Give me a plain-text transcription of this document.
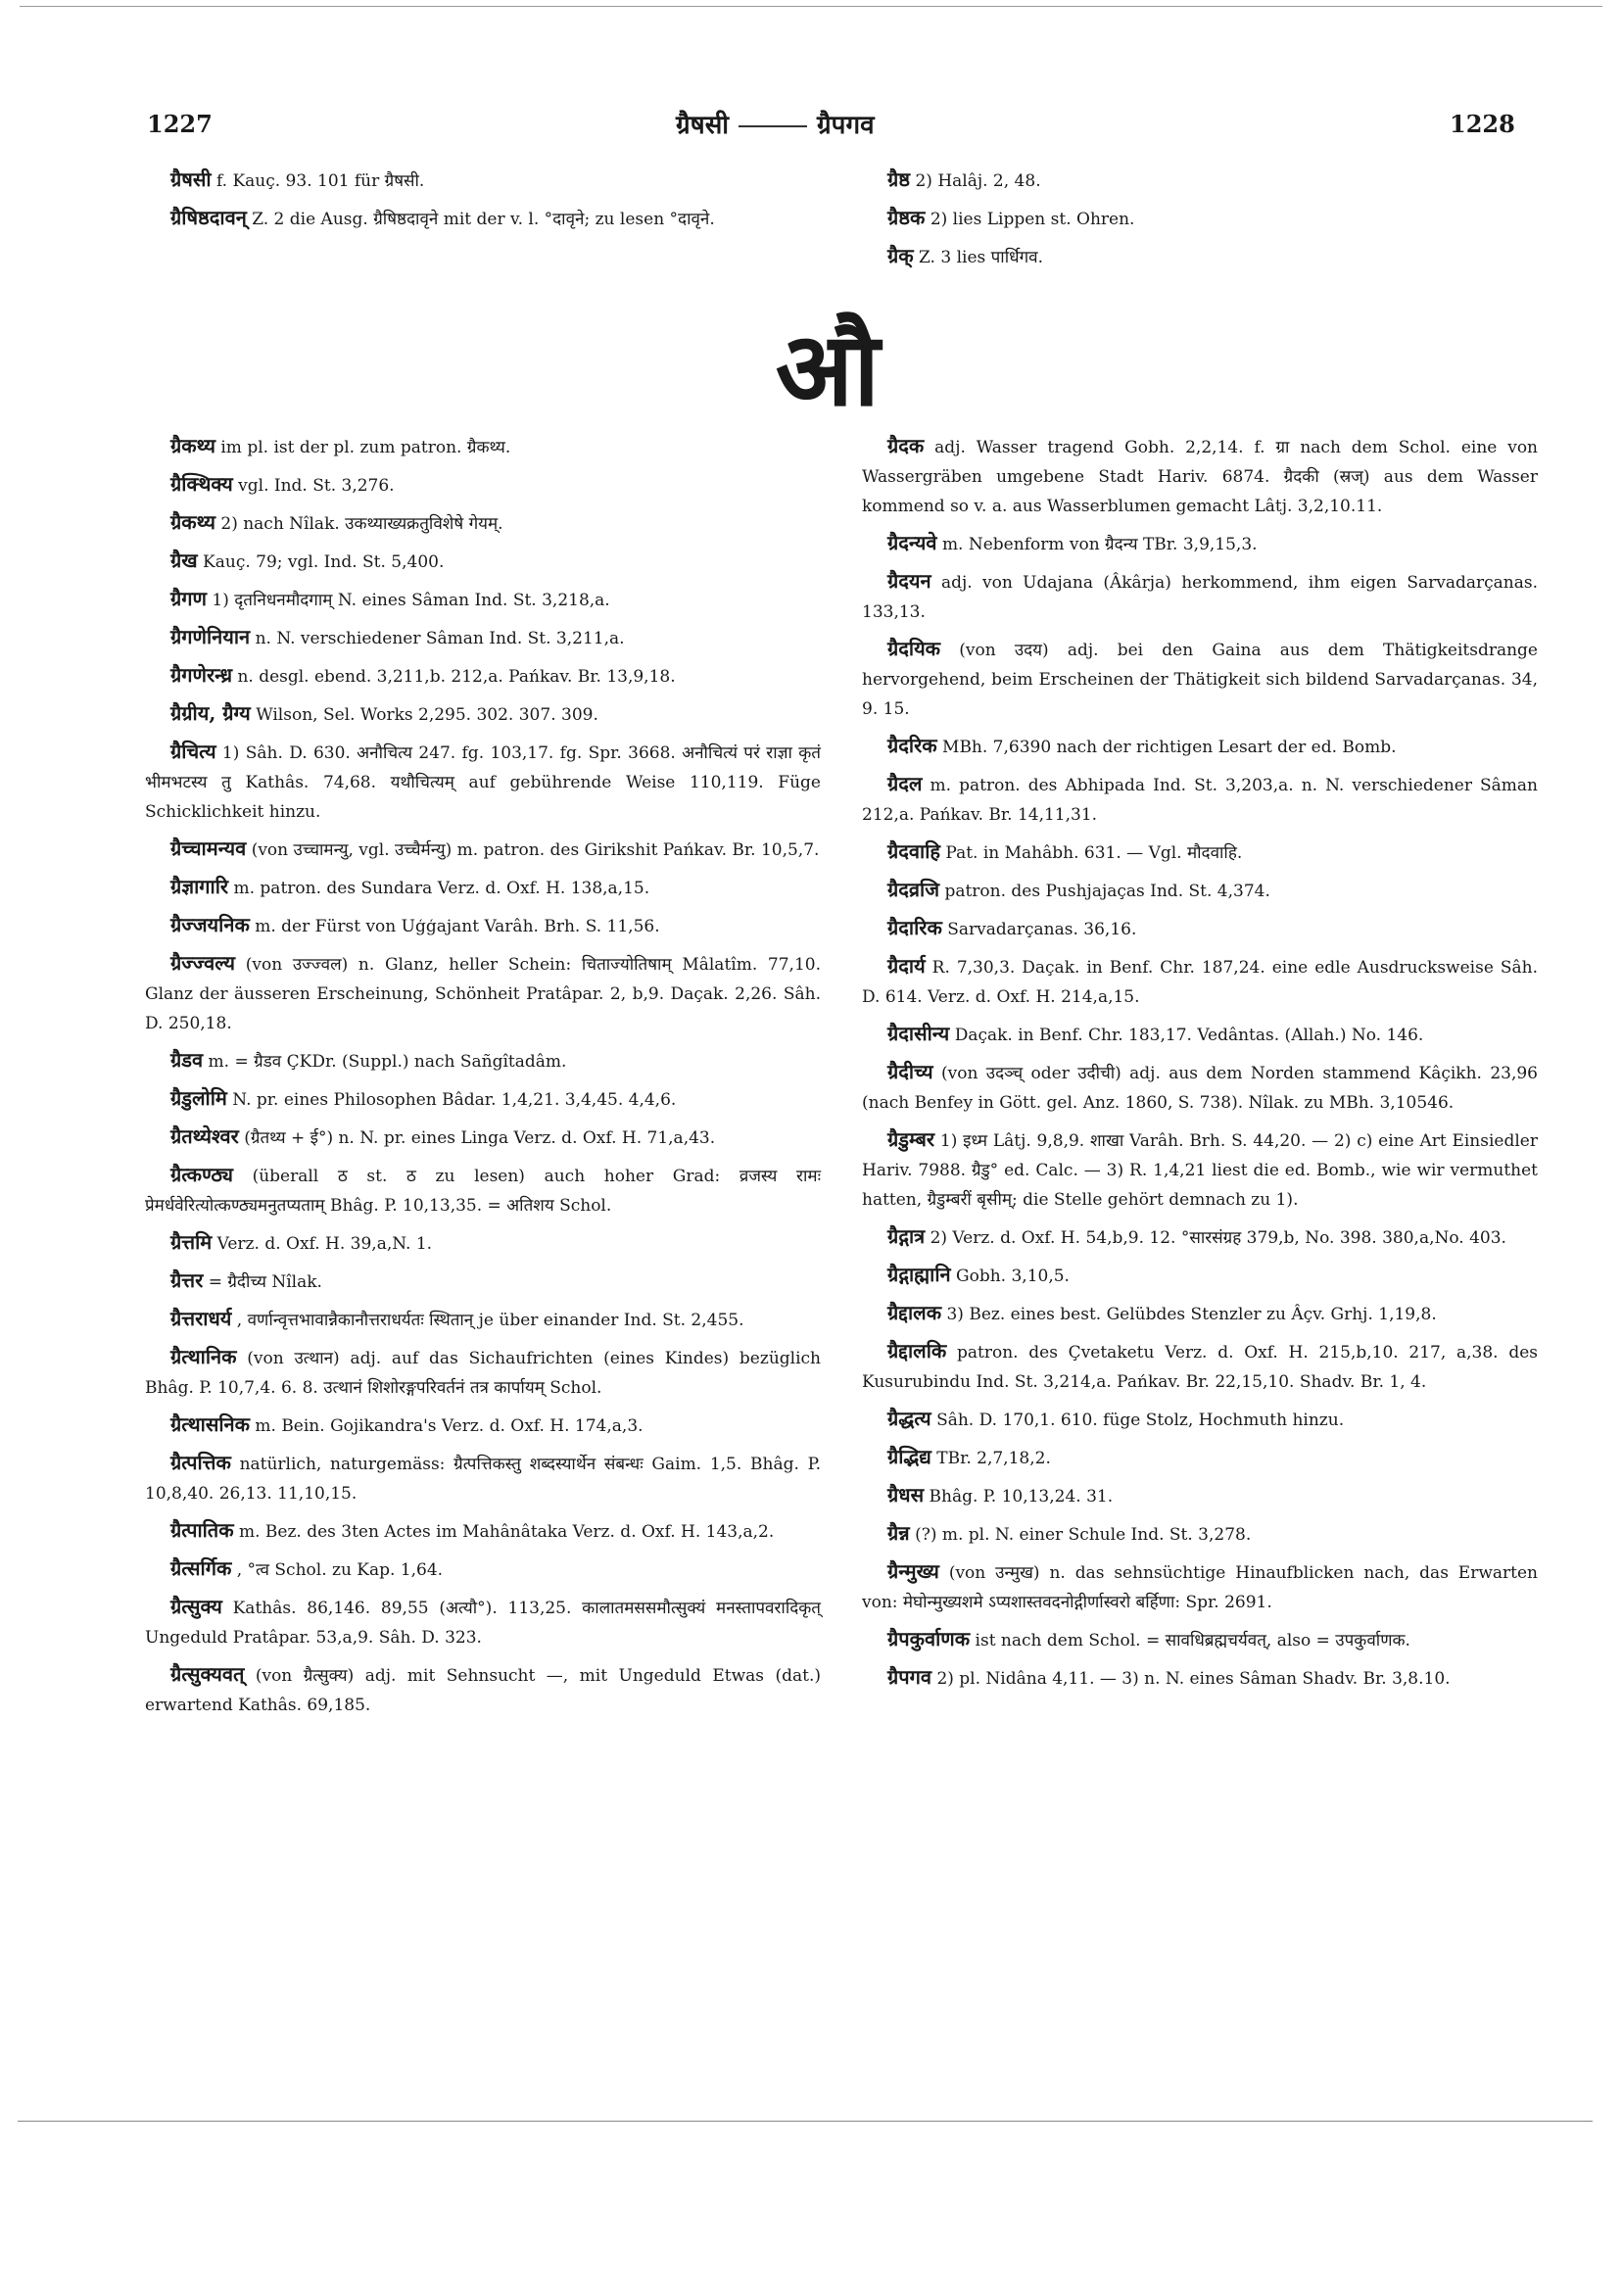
1227	ग्रैषसी	ग्रैपगव	1228

ग्रैषसी f. Kauç. 93. 101 für ग्रैषसी.

ग्रैषिष्ठदावन् Z. 2 die Ausg. ग्रैषिष्ठदावृने mit der v. l. °दावृने; zu lesen °दावृने.

ग्रैष्ठ 2) Halâj. 2, 48.

ग्रैष्ठक 2) lies Lippen st. Ohren.

ग्रैक् Z. 3 lies पार्धिगव.

औ

ग्रैकथ्य im pl. ist der pl. zum patron. ग्रैकथ्य.

ग्रैक्थिक्य vgl. Ind. St. 3,276.

ग्रैकथ्य 2) nach Nîlak. उकथ्याख्यक्रतुविशेषे गेयम्.

ग्रैख Kauç. 79; vgl. Ind. St. 5,400.

ग्रैगण 1) दृतनिधनमौदगाम् N. eines Sâman Ind. St. 3,218,a.

ग्रैगणेनियान n. N. verschiedener Sâman Ind. St. 3,211,a.

ग्रैगणेरन्ध्र n. desgl. ebend. 3,211,b. 212,a. Pańkav. Br. 13,9,18.

ग्रैग्रीय, ग्रैग्य Wilson, Sel. Works 2,295. 302. 307. 309.

ग्रैचित्य 1) Sâh. D. 630. अनौचित्य 247. fg. 103,17. fg. Spr. 3668. अनौचित्यं परं राज्ञा कृतं भीमभटस्य तु Kathâs. 74,68. यथौचित्यम् auf gebührende Weise 110,119. Füge Schicklichkeit hinzu.

ग्रैच्चामन्यव (von उच्चामन्यु, vgl. उच्चैर्मन्यु) m. patron. des Girikshit Pańkav. Br. 10,5,7.

ग्रैज्ञागारि m. patron. des Sundara Verz. d. Oxf. H. 138,a,15.

ग्रैज्जयनिक m. der Fürst von Uģģajant Varâh. Brh. S. 11,56.

ग्रैज्ज्वल्य (von उज्ज्वल) n. Glanz, heller Schein: चिताज्योतिषाम् Mâlatîm. 77,10. Glanz der äusseren Erscheinung, Schönheit Pratâpar. 2, b,9. Daçak. 2,26. Sâh. D. 250,18.

ग्रैडव m. = ग्रैडव ÇKDr. (Suppl.) nach Sañgîtadâm.

ग्रैडुलोमि N. pr. eines Philosophen Bâdar. 1,4,21. 3,4,45. 4,4,6.

ग्रैतथ्येश्वर (ग्रैतथ्य + ई°) n. N. pr. eines Linga Verz. d. Oxf. H. 71,a,43.

ग्रैत्कण्ठ्य (überall ठ st. ठ zu lesen) auch hoher Grad: व्रजस्य रामः प्रेमर्धवेरित्योत्कण्ठ्यमनुतप्यताम् Bhâg. P. 10,13,35. = अतिशय Schol.

ग्रैत्तमि Verz. d. Oxf. H. 39,a,N. 1.

ग्रैत्तर = ग्रैदीच्य Nîlak.

ग्रैत्तराधर्य , वर्णान्वृत्तभावान्नैकानौत्तराधर्यतः स्थितान् je über einander Ind. St. 2,455.

ग्रैत्थानिक (von उत्थान) adj. auf das Sichaufrichten (eines Kindes) bezüglich Bhâg. P. 10,7,4. 6. 8. उत्थानं शिशोरङ्गपरिवर्तनं तत्र कार्पायम् Schol.

ग्रैत्थासनिक m. Bein. Gojikandra's Verz. d. Oxf. H. 174,a,3.

ग्रैत्पत्तिक natürlich, naturgemäss: ग्रैत्पत्तिकस्तु शब्दस्यार्थेन संबन्धः Gaim. 1,5. Bhâg. P. 10,8,40. 26,13. 11,10,15.

ग्रैत्पातिक m. Bez. des 3ten Actes im Mahânâtaka Verz. d. Oxf. H. 143,a,2.

ग्रैत्सर्गिक , °त्व Schol. zu Kap. 1,64.

ग्रैत्सुक्य Kathâs. 86,146. 89,55 (अत्यौ°). 113,25. कालातमससमौत्सुक्यं मनस्तापवरादिकृत् Ungeduld Pratâpar. 53,a,9. Sâh. D. 323.

ग्रैत्सुक्यवत् (von ग्रैत्सुक्य) adj. mit Sehnsucht —, mit Ungeduld Etwas (dat.) erwartend Kathâs. 69,185.

ग्रैदक adj. Wasser tragend Gobh. 2,2,14. f. ग्रा nach dem Schol. eine von Wassergräben umgebene Stadt Hariv. 6874. ग्रैदकी (स्रज्) aus dem Wasser kommend so v. a. aus Wasserblumen gemacht Lâtj. 3,2,10.11.

ग्रैदन्यवे m. Nebenform von ग्रैदन्य TBr. 3,9,15,3.

ग्रैदयन adj. von Udajana (Âkârja) herkommend, ihm eigen Sarvadarçanas. 133,13.

ग्रैदयिक (von उदय) adj. bei den Gaina aus dem Thätigkeitsdrange hervorgehend, beim Erscheinen der Thätigkeit sich bildend Sarvadarçanas. 34, 9. 15.

ग्रैदरिक MBh. 7,6390 nach der richtigen Lesart der ed. Bomb.

ग्रैदल m. patron. des Abhipada Ind. St. 3,203,a. n. N. verschiedener Sâman 212,a. Pańkav. Br. 14,11,31.

ग्रैदवाहि Pat. in Mahâbh. 631. — Vgl. मौदवाहि.

ग्रैदव्रजि patron. des Pushjajaças Ind. St. 4,374.

ग्रैदारिक Sarvadarçanas. 36,16.

ग्रैदार्य R. 7,30,3. Daçak. in Benf. Chr. 187,24. eine edle Ausdrucksweise Sâh. D. 614. Verz. d. Oxf. H. 214,a,15.

ग्रैदासीन्य Daçak. in Benf. Chr. 183,17. Vedântas. (Allah.) No. 146.

ग्रैदीच्य (von उदञ्च् oder उदीची) adj. aus dem Norden stammend Kâçikh. 23,96 (nach Benfey in Gött. gel. Anz. 1860, S. 738). Nîlak. zu MBh. 3,10546.

ग्रैडुम्बर 1) इध्म Lâtj. 9,8,9. शाखा Varâh. Brh. S. 44,20. — 2) c) eine Art Einsiedler Hariv. 7988. ग्रैडु° ed. Calc. — 3) R. 1,4,21 liest die ed. Bomb., wie wir vermuthet hatten, ग्रैडुम्बरीं बृसीम्; die Stelle gehört demnach zu 1).

ग्रैद्गात्र 2) Verz. d. Oxf. H. 54,b,9. 12. °सारसंग्रह 379,b, No. 398. 380,a,No. 403.

ग्रैद्गाह्मानि Gobh. 3,10,5.

ग्रैद्दालक 3) Bez. eines best. Gelübdes Stenzler zu Âçv. Grhj. 1,19,8.

ग्रैद्दालकि patron. des Çvetaketu Verz. d. Oxf. H. 215,b,10. 217, a,38. des Kusurubindu Ind. St. 3,214,a. Pańkav. Br. 22,15,10. Shadv. Br. 1, 4.

ग्रैद्धत्य Sâh. D. 170,1. 610. füge Stolz, Hochmuth hinzu.

ग्रैद्भिद्य TBr. 2,7,18,2.

ग्रैधस Bhâg. P. 10,13,24. 31.

ग्रैन्न (?) m. pl. N. einer Schule Ind. St. 3,278.

ग्रैन्मुख्य (von उन्मुख) n. das sehnsüchtige Hinaufblicken nach, das Erwarten von: मेघोन्मुख्यशमे ऽप्यशास्तवदनोद्गीर्णास्वरो बर्हिणा: Spr. 2691.

ग्रैपकुर्वाणक ist nach dem Schol. = सावधिब्रह्मचर्यवत्, also = उपकुर्वाणक.

ग्रैपगव 2) pl. Nidâna 4,11. — 3) n. N. eines Sâman Shadv. Br. 3,8.10.
